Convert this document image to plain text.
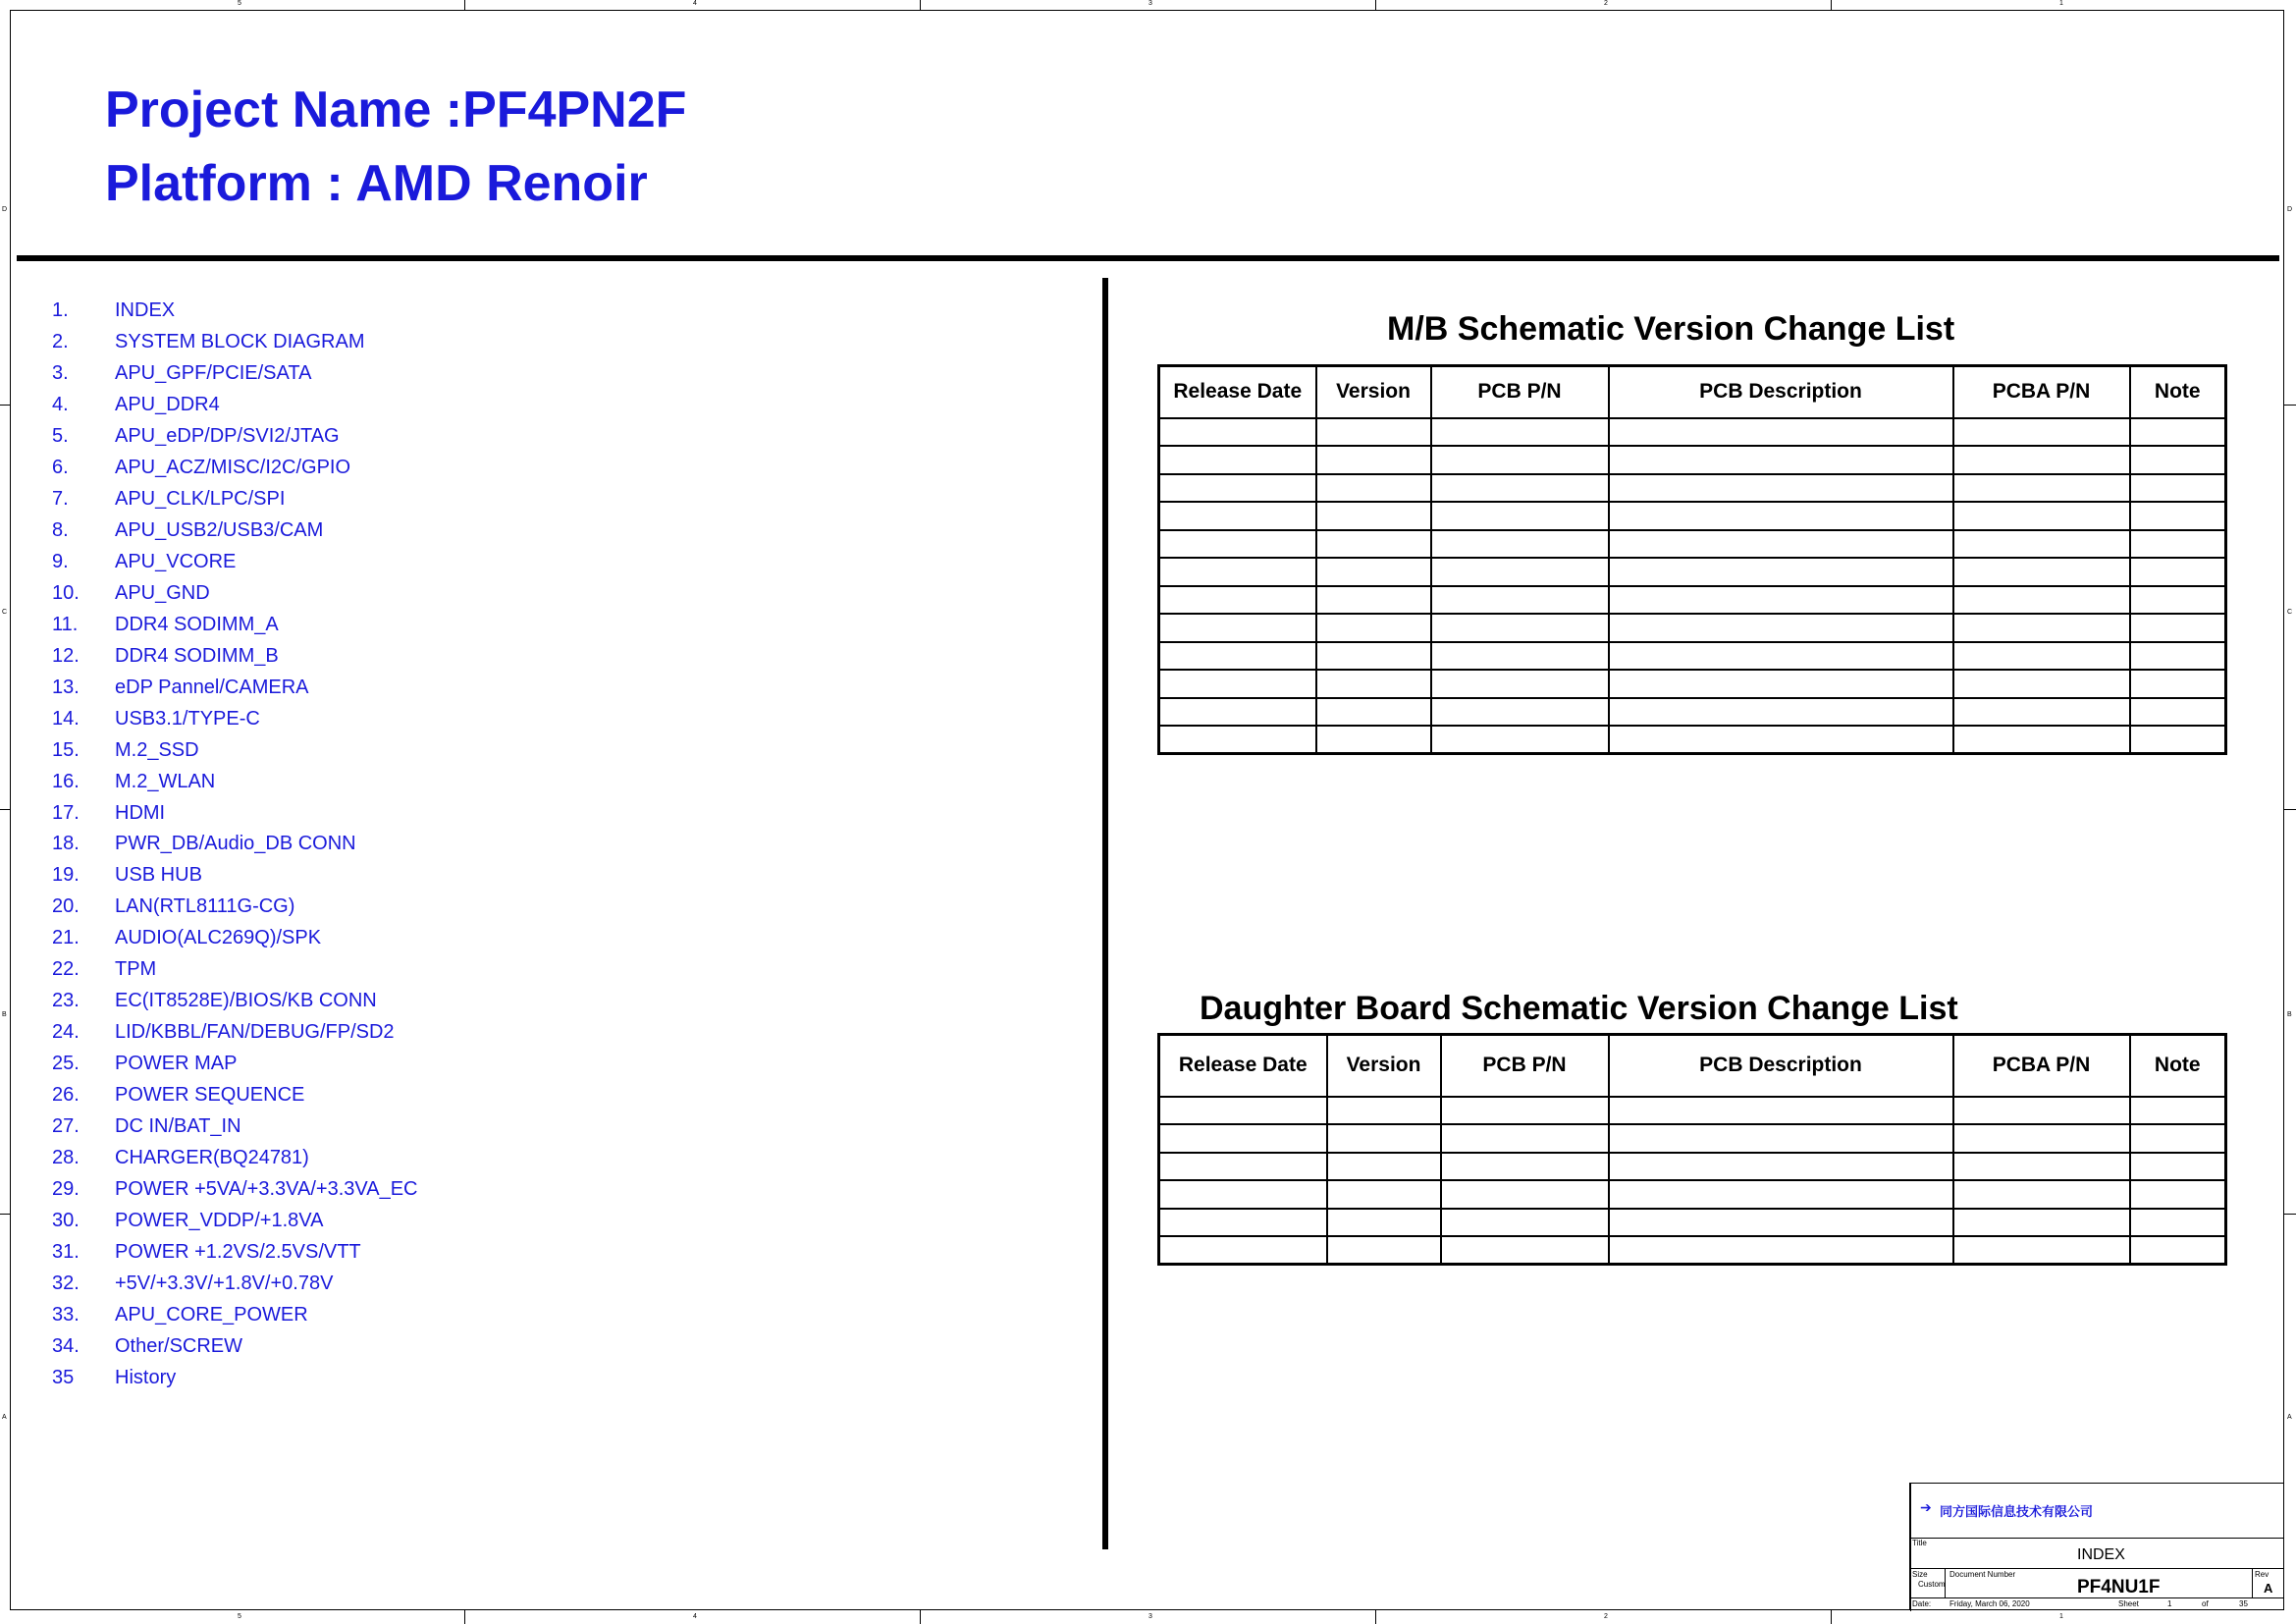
5	4	3	2	1
5	4	3	2	1
D
C
B
A
D
C
B
A
Project Name :PF4PN2F
Platform : AMD Renoir
1.	INDEX
2.	SYSTEM BLOCK DIAGRAM
3.	APU_GPF/PCIE/SATA
4.	APU_DDR4
5.	APU_eDP/DP/SVI2/JTAG
6.	APU_ACZ/MISC/I2C/GPIO
7.	APU_CLK/LPC/SPI
8.	APU_USB2/USB3/CAM
9.	APU_VCORE
10.	APU_GND
11.	DDR4 SODIMM_A
12.	DDR4 SODIMM_B
13.	eDP Pannel/CAMERA
14.	USB3.1/TYPE-C
15.	M.2_SSD
16.	M.2_WLAN
17.	HDMI
18.	PWR_DB/Audio_DB CONN
19.	USB HUB
20.	LAN(RTL8111G-CG)
21.	AUDIO(ALC269Q)/SPK
22.	TPM
23.	EC(IT8528E)/BIOS/KB CONN
24.	LID/KBBL/FAN/DEBUG/FP/SD2
25.	POWER MAP
26.	POWER SEQUENCE
27.	DC IN/BAT_IN
28.	CHARGER(BQ24781)
29.	POWER +5VA/+3.3VA/+3.3VA_EC
30.	POWER_VDDP/+1.8VA
31.	POWER +1.2VS/2.5VS/VTT
32.	+5V/+3.3V/+1.8V/+0.78V
33.	APU_CORE_POWER
34.	Other/SCREW
35	History
M/B Schematic Version Change List
Release Date	Version	PCB P/N	PCB Description	PCBA P/N	Note

Daughter Board Schematic Version Change List
Release Date	Version	PCB P/N	PCB Description	PCBA P/N	Note

➔ 同方国际信息技术有限公司
Title
INDEX
Size
Custom
Document Number
PF4NU1F
Rev
A
Date: Friday, March 06, 2020	Sheet	1	of	35
